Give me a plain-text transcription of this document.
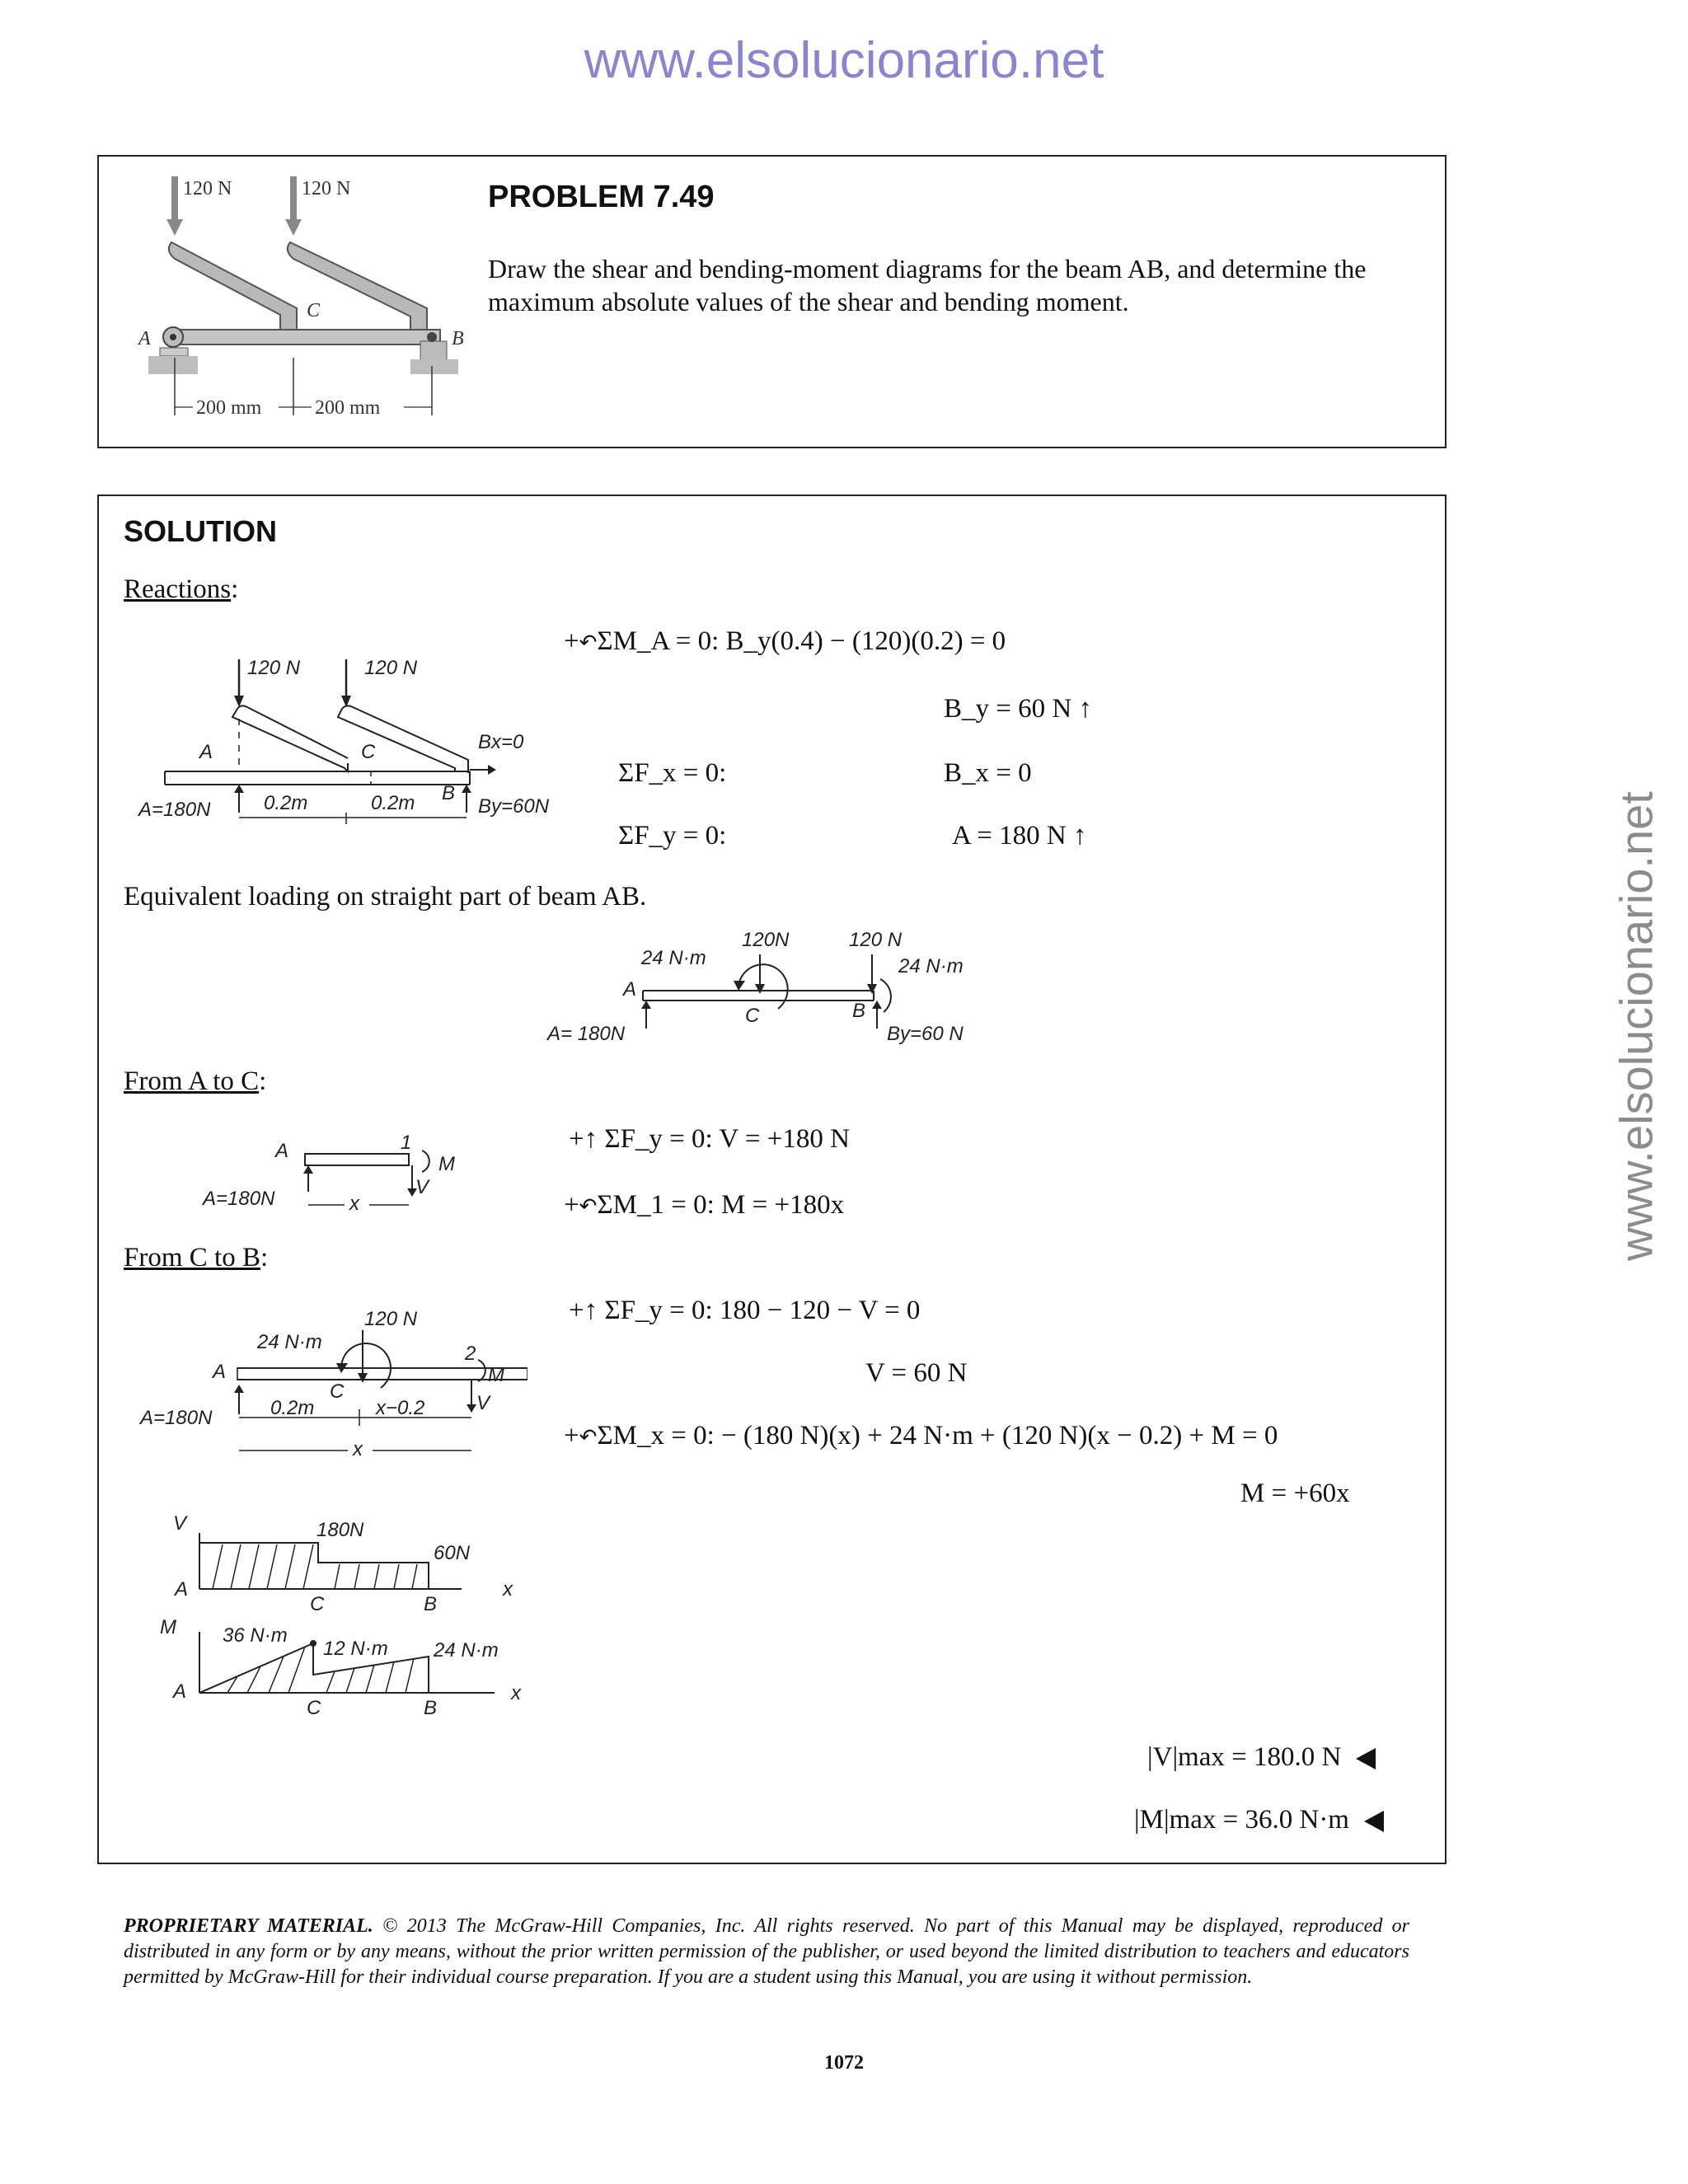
www.elsolucionario.net
www.elsolucionario.net
120 N	120 N
A	B
C
200 mm	200 mm
PROBLEM 7.49
Draw the shear and bending-moment diagrams for the beam AB, and determine the maximum absolute values of the shear and bending moment.
SOLUTION
Reactions:
120 N	120 N
A	C
B
Bx=0
A=180N	0.2m	0.2m	By=60N
+↶ΣM_A = 0: B_y(0.4) − (120)(0.2) = 0
B_y = 60 N ↑
ΣF_x = 0:	B_x = 0
ΣF_y = 0:	A = 180 N ↑
Equivalent loading on straight part of beam AB.
120N	120 N
24 N·m	24 N·m
A
C	B
A= 180N	By=60 N
From A to C:
A	1
M
V
A=180N	x
+↑ ΣF_y = 0: V = +180 N
+↶ΣM_1 = 0: M = +180x
From C to B:
120 N
24 N·m
A
C
2
M
V
A=180N	0.2m	x−0.2
x
+↑ ΣF_y = 0: 180 − 120 − V = 0
V = 60 N
+↶ΣM_x = 0: − (180 N)(x) + 24 N·m + (120 N)(x − 0.2) + M = 0
M = +60x
V	180N
60N
A
C	B
x
M 36 N·m
12 N·m 24 N·m
A
C	B
x
|V|max = 180.0 N
|M|max = 36.0 N·m
PROPRIETARY MATERIAL. © 2013 The McGraw-Hill Companies, Inc. All rights reserved. No part of this Manual may be displayed, reproduced or distributed in any form or by any means, without the prior written permission of the publisher, or used beyond the limited distribution to teachers and educators permitted by McGraw-Hill for their individual course preparation. If you are a student using this Manual, you are using it without permission.
1072
